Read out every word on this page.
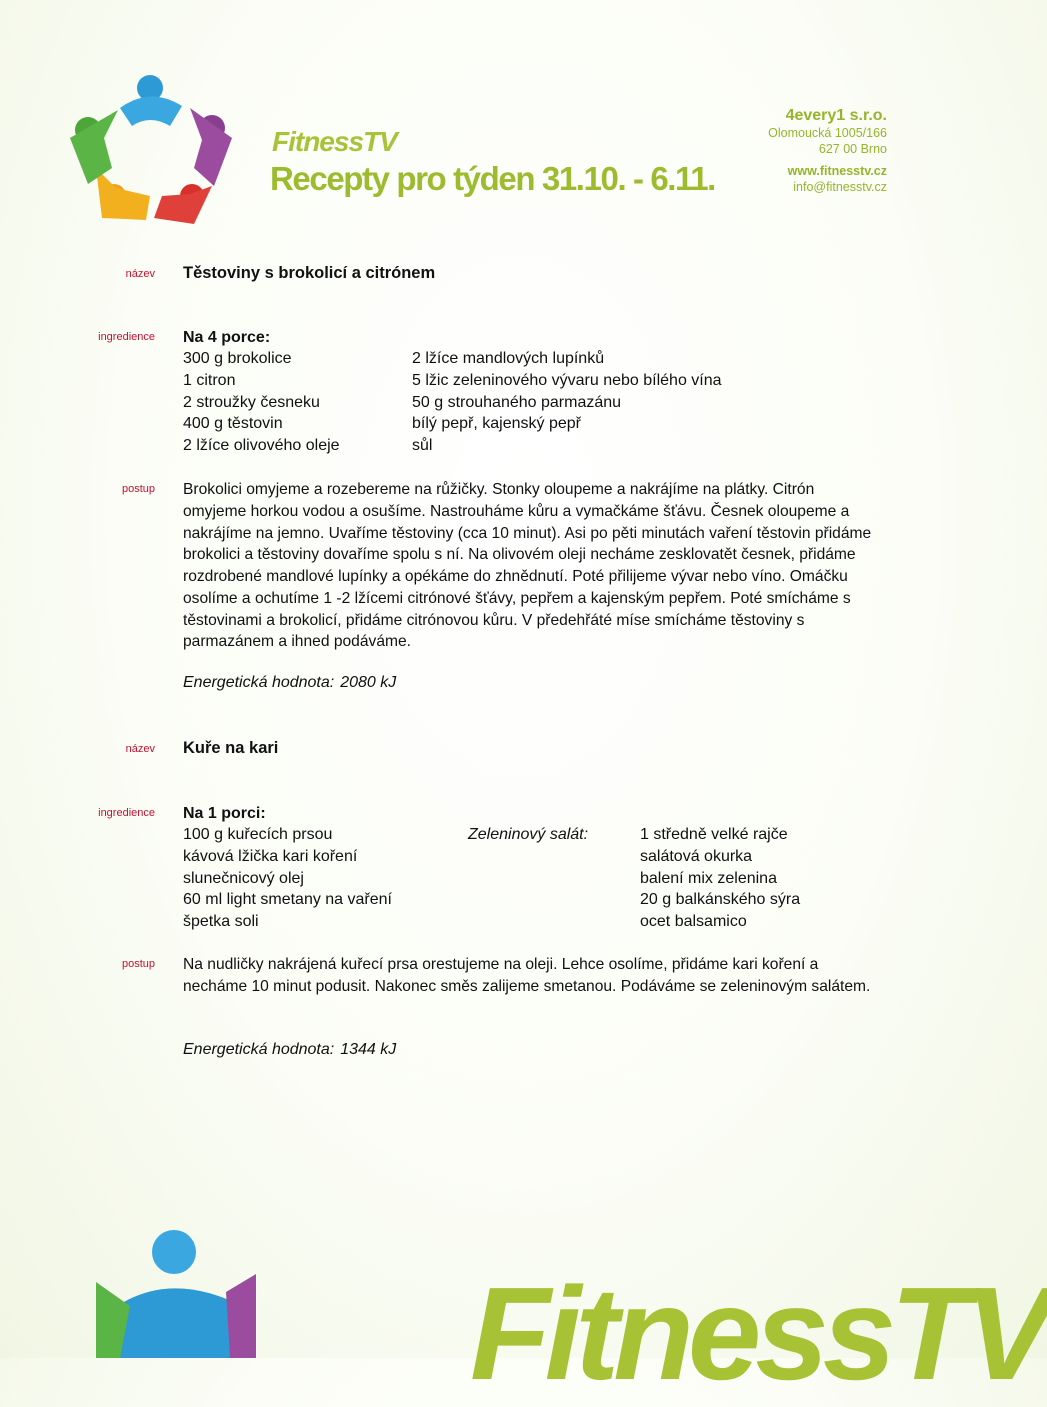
FitnessTV
Recepty pro týden 31.10. - 6.11.
4every1 s.r.o.
Olomoucká 1005/166
627 00 Brno
www.fitnesstv.cz
info@fitnesstv.cz
název Těstoviny s brokolicí a citrónem
ingredience Na 4 porce:
300 g brokolice
1 citron
2 stroužky česneku
400 g těstovin
2 lžíce olivového oleje
2 lžíce mandlových lupínků
5 lžic zeleninového vývaru nebo bílého vína
50 g strouhaného parmazánu
bílý pepř, kajenský pepř
sůl
postup Brokolici omyjeme a rozebereme na růžičky. Stonky oloupeme a nakrájíme na plátky. Citrón omyjeme horkou vodou a osušíme. Nastrouháme kůru a vymačkáme šťávu. Česnek oloupeme a nakrájíme na jemno. Uvaříme těstoviny (cca 10 minut). Asi po pěti minutách vaření těstovin přidáme brokolici a těstoviny dovaříme spolu s ní. Na olivovém oleji necháme zesklovatět česnek, přidáme rozdrobené mandlové lupínky a opékáme do zhnědnutí. Poté přilijeme vývar nebo víno. Omáčku osolíme a ochutíme 1 -2 lžícemi citrónové šťávy, pepřem a kajenským pepřem. Poté smícháme s těstovinami a brokolicí, přidáme citrónovou kůru. V předehřáté míse smícháme těstoviny s parmazánem a ihned podáváme.
Energetická hodnota: 2080 kJ
název Kuře na kari
ingredience Na 1 porci:
100 g kuřecích prsou
kávová lžička kari koření
slunečnicový olej
60 ml light smetany na vaření
špetka soli
Zeleninový salát:	1 středně velké rajče
salátová okurka
balení mix zelenina
20 g balkánského sýra
ocet balsamico
postup Na nudličky nakrájená kuřecí prsa orestujeme na oleji. Lehce osolíme, přidáme kari koření a necháme 10 minut podusit. Nakonec směs zalijeme smetanou. Podáváme se zeleninovým salátem.
Energetická hodnota: 1344 kJ
FitnessTV
